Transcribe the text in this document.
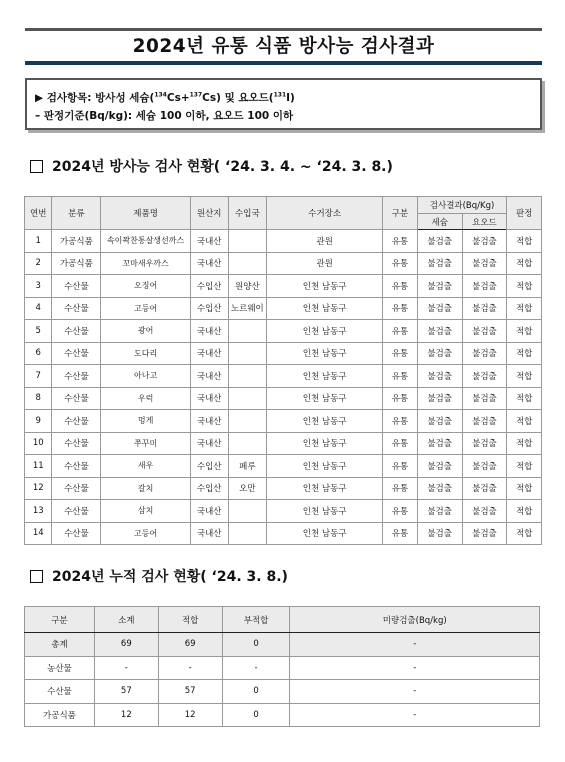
2024년 유통 식품 방사능 검사결과
▶ 검사항목: 방사성 세슘($^{134}$Cs+$^{137}$Cs) 및 요오드($^{131}$I)
– 판정기준(Bq/kg): 세슘 100 이하, 요오드 100 이하
2024년 방사능 검사 현황( ‘24. 3. 4. ~ ‘24. 3. 8.)
연번	분류	제품명	원산지	수입국	수거장소	구분	검사결과(Bq/Kg)		판정
							세슘	요오드	
1	가공식품	속이꽉찬통살생선까스	국내산		관원	유통	불검출	불검출	적합
2	가공식품	꼬마새우까스	국내산		관원	유통	불검출	불검출	적합
3	수산물	오징어	수입산	원양산	인천 남동구	유통	불검출	불검출	적합
4	수산물	고등어	수입산	노르웨이	인천 남동구	유통	불검출	불검출	적합
5	수산물	광어	국내산		인천 남동구	유통	불검출	불검출	적합
6	수산물	도다리	국내산		인천 남동구	유통	불검출	불검출	적합
7	수산물	아나고	국내산		인천 남동구	유통	불검출	불검출	적합
8	수산물	우럭	국내산		인천 남동구	유통	불검출	불검출	적합
9	수산물	멍게	국내산		인천 남동구	유통	불검출	불검출	적합
10	수산물	쭈꾸미	국내산		인천 남동구	유통	불검출	불검출	적합
11	수산물	새우	수입산	페루	인천 남동구	유통	불검출	불검출	적합
12	수산물	갈치	수입산	오만	인천 남동구	유통	불검출	불검출	적합
13	수산물	삼치	국내산		인천 남동구	유통	불검출	불검출	적합
14	수산물	고등어	국내산		인천 남동구	유통	불검출	불검출	적합
2024년 누적 검사 현황( ‘24. 3. 8.)
구분	소계	적합	부적합	미량검출(Bq/kg)
총계	69	69	0	-
농산물	-	-	-	-
수산물	57	57	0	-
가공식품	12	12	0	-
